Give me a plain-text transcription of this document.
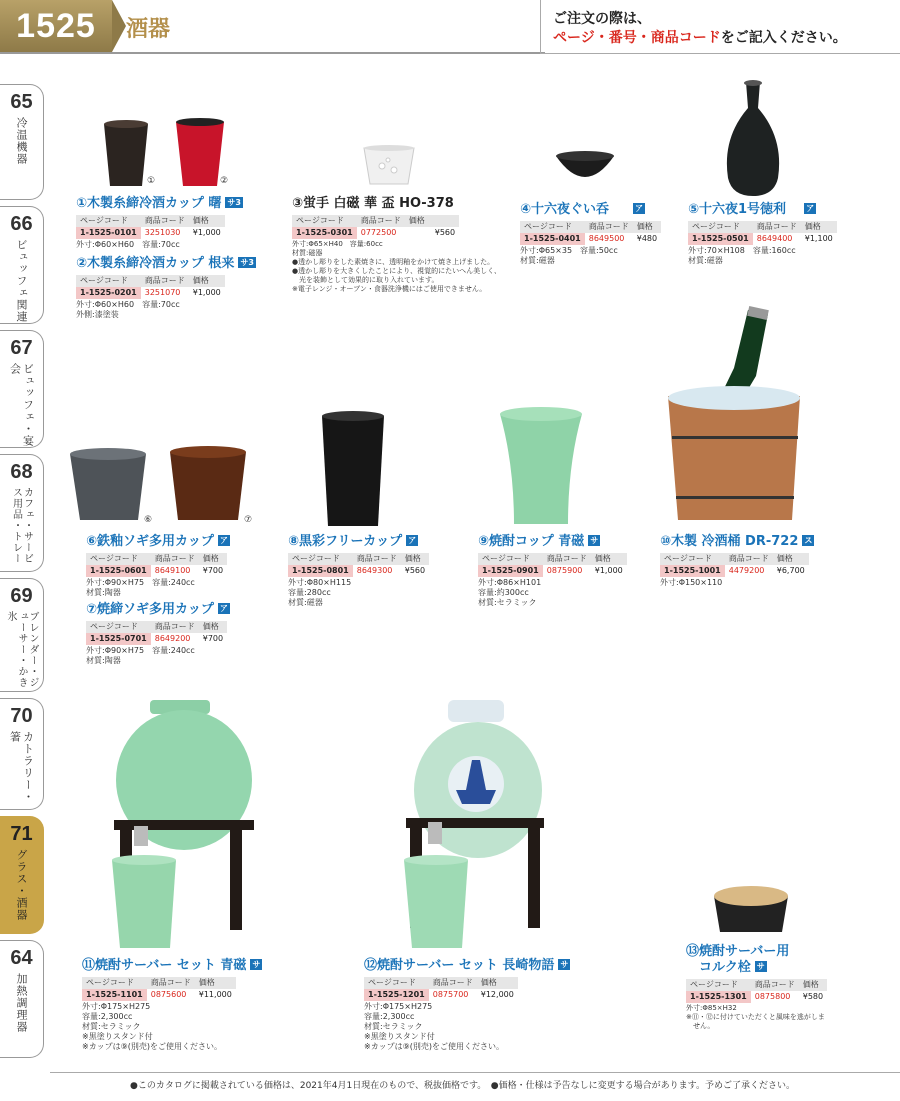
1525	酒器	ご注文の際は、
ページ・番号・商品コードをご記入ください。
65
冷温機器
66
ビュッフェ関連
67
ビュッフェ・宴会
68
カフェ・サービス用品・トレー
69
ブレンダー・ジューサー・かき氷
70
カトラリー・箸
71
グラス・酒器
64
加熱調理器
①	②
⑥	⑦
①木製糸締冷酒カップ 曙 サ3
ページコード	商品コード	価格
1-1525-0101	3251030	¥1,000
外寸:Φ60×H60　容量:70cc
②木製糸締冷酒カップ 根来 サ3
ページコード	商品コード	価格
1-1525-0201	3251070	¥1,000
外寸:Φ60×H60　容量:70cc
外側:漆塗装
③蛍手 白磁 華 盃 HO-378
ページコード	商品コード	価格
1-1525-0301	0772500	¥560
外寸:Φ65×H40　容量:60cc
材質:磁器
●透かし彫りをした素焼きに、透明釉をかけて焼き上げました。
●透かし彫りを大きくしたことにより、視覚的にたいへん美しく、
　光を装飾として効果的に取り入れています。
※電子レンジ・オーブン・食器洗浄機にはご使用できません。
④十六夜ぐい呑	ア
ページコード	商品コード	価格
1-1525-0401	8649500	¥480
外寸:Φ65×35　容量:50cc
材質:磁器
⑤十六夜1号徳利	ア
ページコード	商品コード	価格
1-1525-0501	8649400	¥1,100
外寸:70×H108　容量:160cc
材質:磁器
⑥鉄釉ソギ多用カップ ア
ページコード	商品コード	価格
1-1525-0601	8649100	¥700
外寸:Φ90×H75　容量:240cc
材質:陶器
⑦焼締ソギ多用カップ ア
ページコード	商品コード	価格
1-1525-0701	8649200	¥700
外寸:Φ90×H75　容量:240cc
材質:陶器
⑧黒彩フリーカップ ア
ページコード	商品コード	価格
1-1525-0801	8649300	¥560
外寸:Φ80×H115
容量:280cc
材質:磁器
⑨焼酎コップ 青磁 サ
ページコード	商品コード	価格
1-1525-0901	0875900	¥1,000
外寸:Φ86×H101
容量:約300cc
材質:セラミック
⑩木製 冷酒桶 DR-722 ス
ページコード	商品コード	価格
1-1525-1001	4479200	¥6,700
外寸:Φ150×110
⑪焼酎サーバー セット 青磁 サ
ページコード	商品コード	価格
1-1525-1101	0875600	¥11,000
外寸:Φ175×H275
容量:2,300cc
材質:セラミック
※黒塗りスタンド付
※カップは⑨(別売)をご使用ください。
⑫焼酎サーバー セット 長崎物語 サ
ページコード	商品コード	価格
1-1525-1201	0875700	¥12,000
外寸:Φ175×H275
容量:2,300cc
材質:セラミック
※黒塗りスタンド付
※カップは⑨(別売)をご使用ください。
⑬焼酎サーバー用
　コルク栓 サ
ページコード	商品コード	価格
1-1525-1301	0875800	¥580
外寸:Φ85×H32
※⑪・⑫に付けていただくと風味を逃がしま
　せん。
●このカタログに掲載されている価格は、2021年4月1日現在のもので、税抜価格です。　●価格・仕様は予告なしに変更する場合があります。予めご了承ください。
